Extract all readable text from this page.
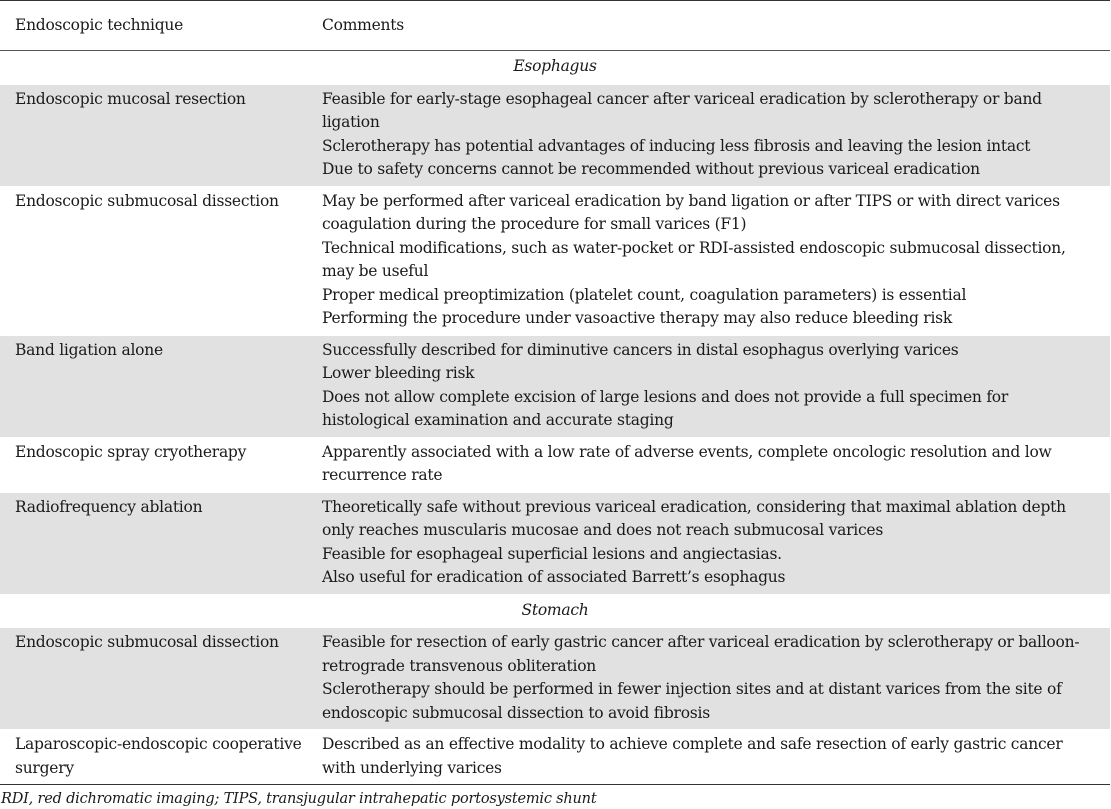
Endoscopic technique	Comments
Esophagus	
Endoscopic mucosal resection	Feasible for early-stage esophageal cancer after variceal eradication by sclerotherapy or band ligation
Sclerotherapy has potential advantages of inducing less fibrosis and leaving the lesion intact
Due to safety concerns cannot be recommended without previous variceal eradication

Endoscopic submucosal dissection	May be performed after variceal eradication by band ligation or after TIPS or with direct varices coagulation during the procedure for small varices (F1)
Technical modifications, such as water-pocket or RDI-assisted endoscopic submucosal dissection, may be useful
Proper medical preoptimization (platelet count, coagulation parameters) is essential
Performing the procedure under vasoactive therapy may also reduce bleeding risk

Band ligation alone	Successfully described for diminutive cancers in distal esophagus overlying varices
Lower bleeding risk
Does not allow complete excision of large lesions and does not provide a full specimen for histological examination and accurate staging

Endoscopic spray cryotherapy	Apparently associated with a low rate of adverse events, complete oncologic resolution and low recurrence rate

Radiofrequency ablation	Theoretically safe without previous variceal eradication, considering that maximal ablation depth only reaches muscularis mucosae and does not reach submucosal varices
Feasible for esophageal superficial lesions and angiectasias.
Also useful for eradication of associated Barrett’s esophagus

Stomach	
Endoscopic submucosal dissection	Feasible for resection of early gastric cancer after variceal eradication by sclerotherapy or balloon-retrograde transvenous obliteration
Sclerotherapy should be performed in fewer injection sites and at distant varices from the site of endoscopic submucosal dissection to avoid fibrosis

Laparoscopic-endoscopic cooperative surgery	Described as an effective modality to achieve complete and safe resection of early gastric cancer with underlying varices
RDI, red dichromatic imaging; TIPS, transjugular intrahepatic portosystemic shunt
